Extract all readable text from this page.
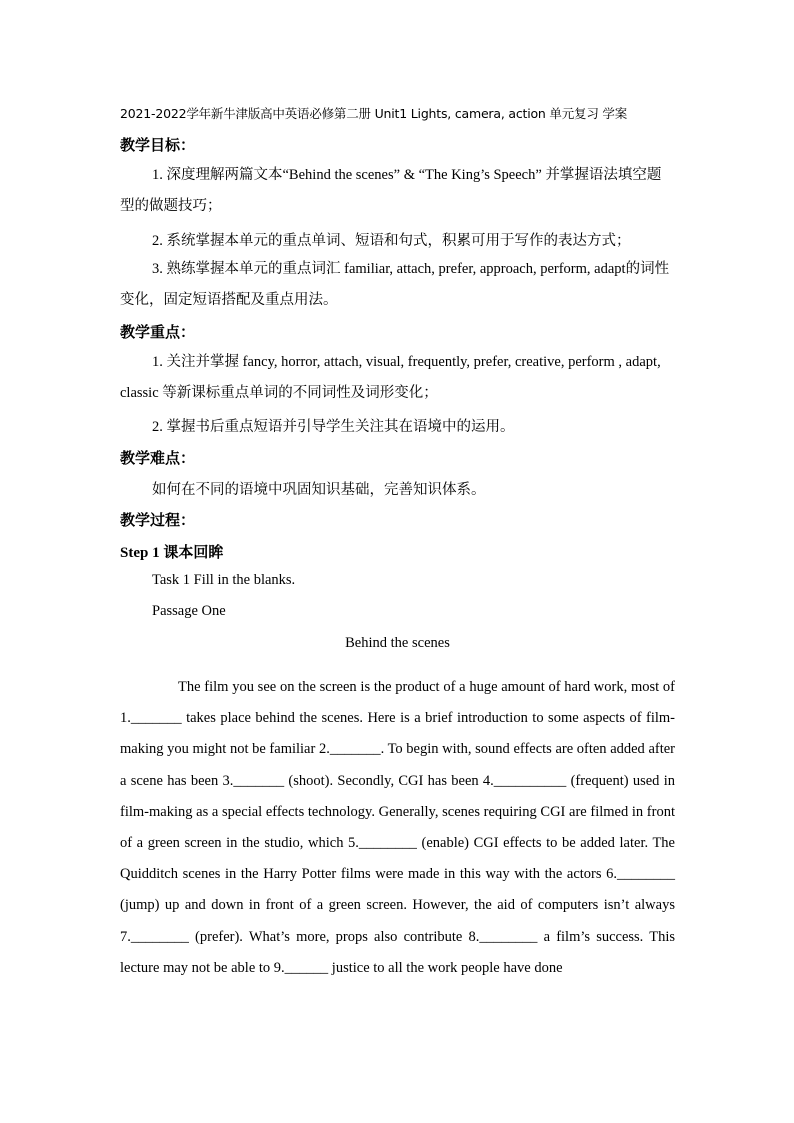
2021-2022学年新牛津版高中英语必修第二册 Unit1 Lights, camera, action 单元复习 学案
教学目标：
1. 深度理解两篇文本“Behind the scenes” & “The King’s Speech” 并掌握语法填空题型的做题技巧；
2. 系统掌握本单元的重点单词、短语和句式，积累可用于写作的表达方式；
3. 熟练掌握本单元的重点词汇 familiar, attach, prefer, approach, perform, adapt的词性变化，固定短语搭配及重点用法。
教学重点：
1. 关注并掌握 fancy, horror, attach, visual, frequently, prefer, creative, perform , adapt, classic 等新课标重点单词的不同词性及词形变化；
2. 掌握书后重点短语并引导学生关注其在语境中的运用。
教学难点：
如何在不同的语境中巩固知识基础，完善知识体系。
教学过程：
Step 1 课本回眸
Task 1 Fill in the blanks.
Passage One
Behind the scenes
The film you see on the screen is the product of a huge amount of hard work, most of 1._______ takes place behind the scenes. Here is a brief introduction to some aspects of film-making you might not be familiar 2._______. To begin with, sound effects are often added after a scene has been 3._______ (shoot). Secondly, CGI has been 4.__________ (frequent) used in film-making as a special effects technology. Generally, scenes requiring CGI are filmed in front of a green screen in the studio, which 5.________ (enable) CGI effects to be added later. The Quidditch scenes in the Harry Potter films were made in this way with the actors 6.________ (jump) up and down in front of a green screen. However, the aid of computers isn’t always 7.________ (prefer). What’s more, props also contribute 8.________ a film’s success. This lecture may not be able to 9.______ justice to all the work people have done
